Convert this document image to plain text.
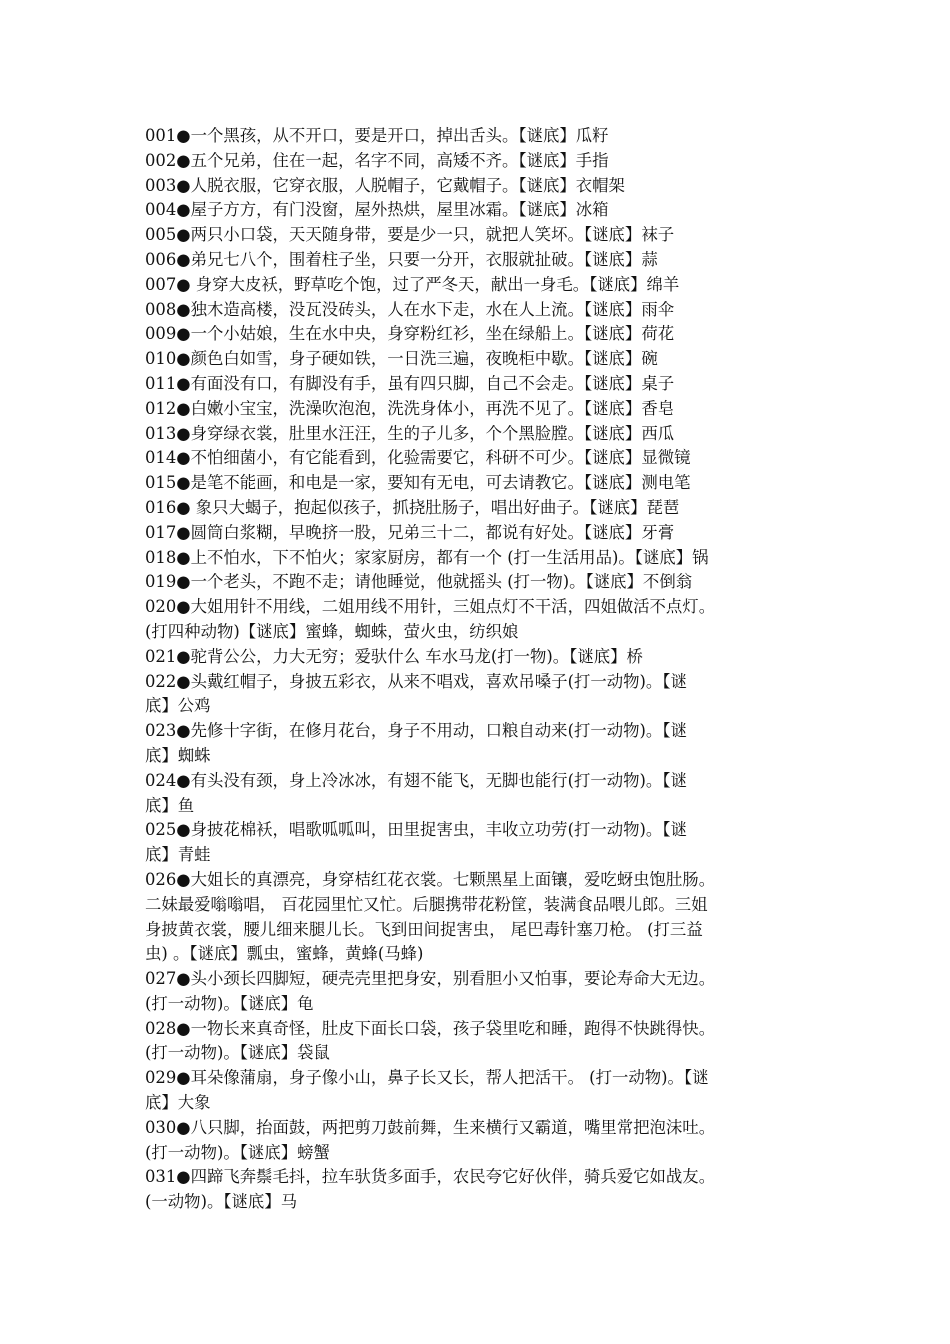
001●一个黑孩，从不开口，要是开口，掉出舌头。【谜底】瓜籽
002●五个兄弟，住在一起，名字不同，高矮不齐。【谜底】手指
003●人脱衣服，它穿衣服，人脱帽子，它戴帽子。【谜底】衣帽架
004●屋子方方，有门没窗，屋外热烘，屋里冰霜。【谜底】冰箱
005●两只小口袋，天天随身带，要是少一只，就把人笑坏。【谜底】袜子
006●弟兄七八个，围着柱子坐，只要一分开，衣服就扯破。【谜底】蒜
007● 身穿大皮袄，野草吃个饱，过了严冬天，献出一身毛。【谜底】绵羊
008●独木造高楼，没瓦没砖头，人在水下走，水在人上流。【谜底】雨伞
009●一个小姑娘，生在水中央，身穿粉红衫，坐在绿船上。【谜底】荷花
010●颜色白如雪，身子硬如铁，一日洗三遍，夜晚柜中歇。【谜底】碗
011●有面没有口，有脚没有手，虽有四只脚，自己不会走。【谜底】桌子
012●白嫩小宝宝，洗澡吹泡泡，洗洗身体小，再洗不见了。【谜底】香皂
013●身穿绿衣裳，肚里水汪汪，生的子儿多，个个黑脸膛。【谜底】西瓜
014●不怕细菌小，有它能看到，化验需要它，科研不可少。【谜底】显微镜
015●是笔不能画，和电是一家，要知有无电，可去请教它。【谜底】测电笔
016● 象只大蝎子，抱起似孩子，抓挠肚肠子，唱出好曲子。【谜底】琵琶
017●圆筒白浆糊，早晚挤一股，兄弟三十二，都说有好处。【谜底】牙膏
018●上不怕水，下不怕火；家家厨房，都有一个 (打一生活用品)。【谜底】锅
019●一个老头，不跑不走；请他睡觉，他就摇头 (打一物)。【谜底】不倒翁
020●大姐用针不用线，二姐用线不用针，三姐点灯不干活，四姐做活不点灯。
(打四种动物)【谜底】蜜蜂，蜘蛛，萤火虫，纺织娘
021●驼背公公，力大无穷；爱驮什么 车水马龙(打一物)。【谜底】桥
022●头戴红帽子，身披五彩衣，从来不唱戏，喜欢吊嗓子(打一动物)。【谜
底】公鸡
023●先修十字街，在修月花台，身子不用动，口粮自动来(打一动物)。【谜
底】蜘蛛
024●有头没有颈，身上冷冰冰，有翅不能飞，无脚也能行(打一动物)。【谜
底】鱼
025●身披花棉袄，唱歌呱呱叫，田里捉害虫，丰收立功劳(打一动物)。【谜
底】青蛙
026●大姐长的真漂亮，身穿桔红花衣裳。七颗黑星上面镶，爱吃蚜虫饱肚肠。
二妹最爱嗡嗡唱， 百花园里忙又忙。后腿携带花粉筐，装满食品喂儿郎。三姐
身披黄衣裳，腰儿细来腿儿长。飞到田间捉害虫， 尾巴毒针塞刀枪。 (打三益
虫) 。【谜底】瓢虫，蜜蜂，黄蜂(马蜂)
027●头小颈长四脚短，硬壳壳里把身安，别看胆小又怕事，要论寿命大无边。
(打一动物)。【谜底】龟
028●一物长来真奇怪，肚皮下面长口袋，孩子袋里吃和睡，跑得不快跳得快。
(打一动物)。【谜底】袋鼠
029●耳朵像蒲扇，身子像小山，鼻子长又长，帮人把活干。 (打一动物)。【谜
底】大象
030●八只脚，抬面鼓，两把剪刀鼓前舞，生来横行又霸道，嘴里常把泡沫吐。
(打一动物)。【谜底】螃蟹
031●四蹄飞奔鬃毛抖，拉车驮货多面手，农民夸它好伙伴，骑兵爱它如战友。
(一动物)。【谜底】马
